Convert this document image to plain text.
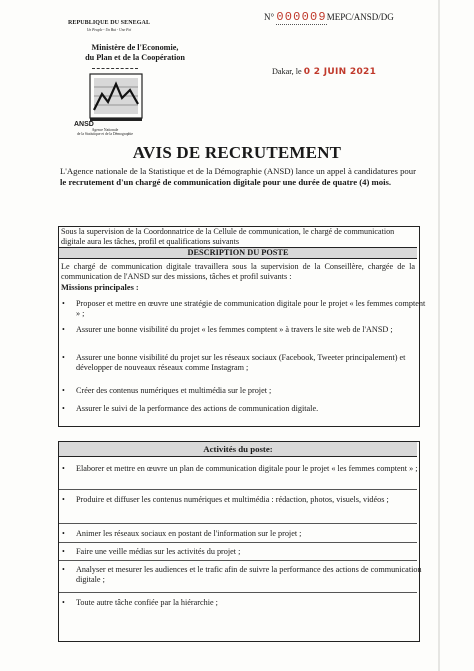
REPUBLIQUE DU SENEGAL
Un Peuple - Un But - Une Foi
Ministère de l'Economie,
du Plan et de la Coopération
N° 000009MEPC/ANSD/DG
Dakar, le 0 2 JUIN 2021
ANSD
Agence Nationale
de la Statistique et de la Démographie
AVIS DE RECRUTEMENT
L'Agence nationale de la Statistique et de la Démographie (ANSD) lance un appel à candidatures pour le recrutement d'un chargé de communication digitale pour une durée de quatre (4) mois.
Sous la supervision de la Coordonnatrice de la Cellule de communication, le chargé de communication digitale aura les tâches, profil et qualifications suivants
DESCRIPTION DU POSTE
Le chargé de communication digitale travaillera sous la supervision de la Conseillère, chargée de la communication de l'ANSD sur des missions, tâches et profil suivants :
Missions principales :
• Proposer et mettre en œuvre une stratégie de communication digitale pour le projet « les femmes comptent » ;
• Assurer une bonne visibilité du projet « les femmes comptent » à travers le site web de l'ANSD ;
• Assurer une bonne visibilité du projet sur les réseaux sociaux (Facebook, Tweeter principalement) et développer de nouveaux réseaux comme Instagram ;
• Créer des contenus numériques et multimédia sur le projet ;
• Assurer le suivi de la performance des actions de communication digitale.
Activités du poste:
• Elaborer et mettre en œuvre un plan de communication digitale pour le projet « les femmes comptent » ;
• Produire et diffuser les contenus numériques et multimédia : rédaction, photos, visuels, vidéos ;
• Animer les réseaux sociaux en postant de l'information sur le projet ;
• Faire une veille médias sur les activités du projet ;
• Analyser et mesurer les audiences et le trafic afin de suivre la performance des actions de communication digitale ;
• Toute autre tâche confiée par la hiérarchie ;
